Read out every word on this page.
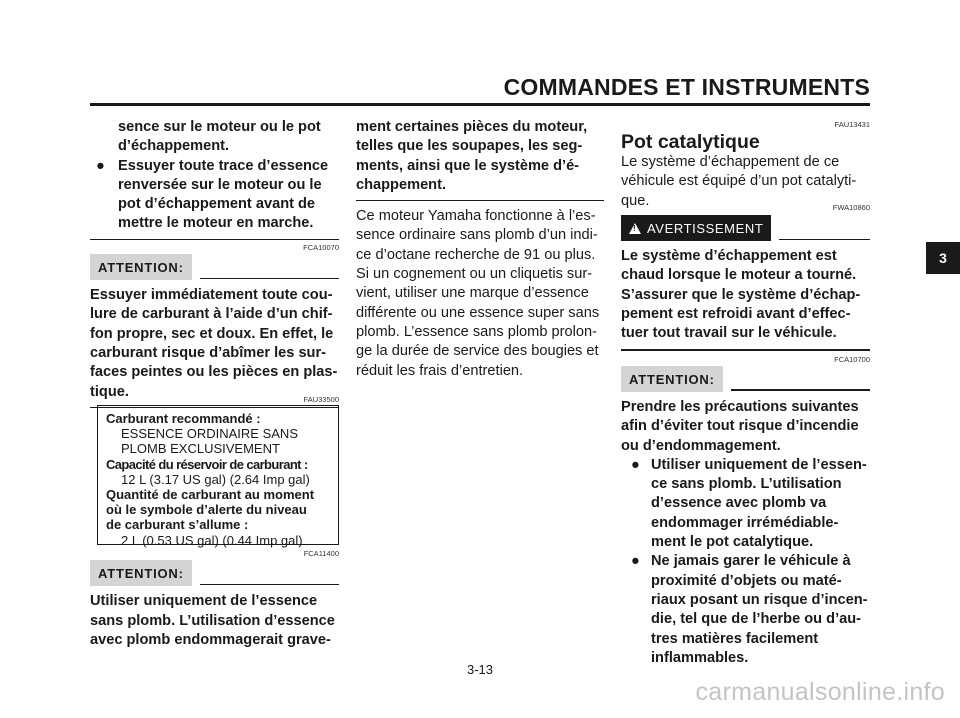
COMMANDES ET INSTRUMENTS
3
sence sur le moteur ou le pot
d’échappement.
● Essuyer toute trace d’essence
renversée sur le moteur ou le
pot d’échappement avant de
mettre le moteur en marche.
FCA10070
ATTENTION:
Essuyer immédiatement toute cou-
lure de carburant à l’aide d’un chif-
fon propre, sec et doux. En effet, le
carburant risque d’abîmer les sur-
faces peintes ou les pièces en plas-
tique.	FAU33500
Carburant recommandé :
ESSENCE ORDINAIRE SANS
PLOMB EXCLUSIVEMENT
Capacité du réservoir de carburant :
12 L (3.17 US gal) (2.64 Imp gal)
Quantité de carburant au moment
où le symbole d’alerte du niveau
de carburant s’allume :
2 L (0.53 US gal) (0.44 Imp gal)
FCA11400
ATTENTION:
Utiliser uniquement de l’essence
sans plomb. L’utilisation d’essence
avec plomb endommagerait grave-
ment certaines pièces du moteur,
telles que les soupapes, les seg-
ments, ainsi que le système d’é-
chappement.
Ce moteur Yamaha fonctionne à l’es-
sence ordinaire sans plomb d’un indi-
ce d’octane recherche de 91 ou plus.
Si un cognement ou un cliquetis sur-
vient, utiliser une marque d’essence
différente ou une essence super sans
plomb. L’essence sans plomb prolon-
ge la durée de service des bougies et
réduit les frais d’entretien.
FAU13431
Pot catalytique
Le système d’échappement de ce
véhicule est équipé d’un pot catalyti-
que.	FWA10860
! AVERTISSEMENT
Le système d’échappement est
chaud lorsque le moteur a tourné.
S’assurer que le système d’échap-
pement est refroidi avant d’effec-
tuer tout travail sur le véhicule.
FCA10700
ATTENTION:
Prendre les précautions suivantes
afin d’éviter tout risque d’incendie
ou d’endommagement.
● Utiliser uniquement de l’essen-
ce sans plomb. L’utilisation
d’essence avec plomb va
endommager irrémédiable-
ment le pot catalytique.
● Ne jamais garer le véhicule à
proximité d’objets ou maté-
riaux posant un risque d’incen-
die, tel que de l’herbe ou d’au-
tres matières facilement
inflammables.
3-13
carmanualsonline.info
